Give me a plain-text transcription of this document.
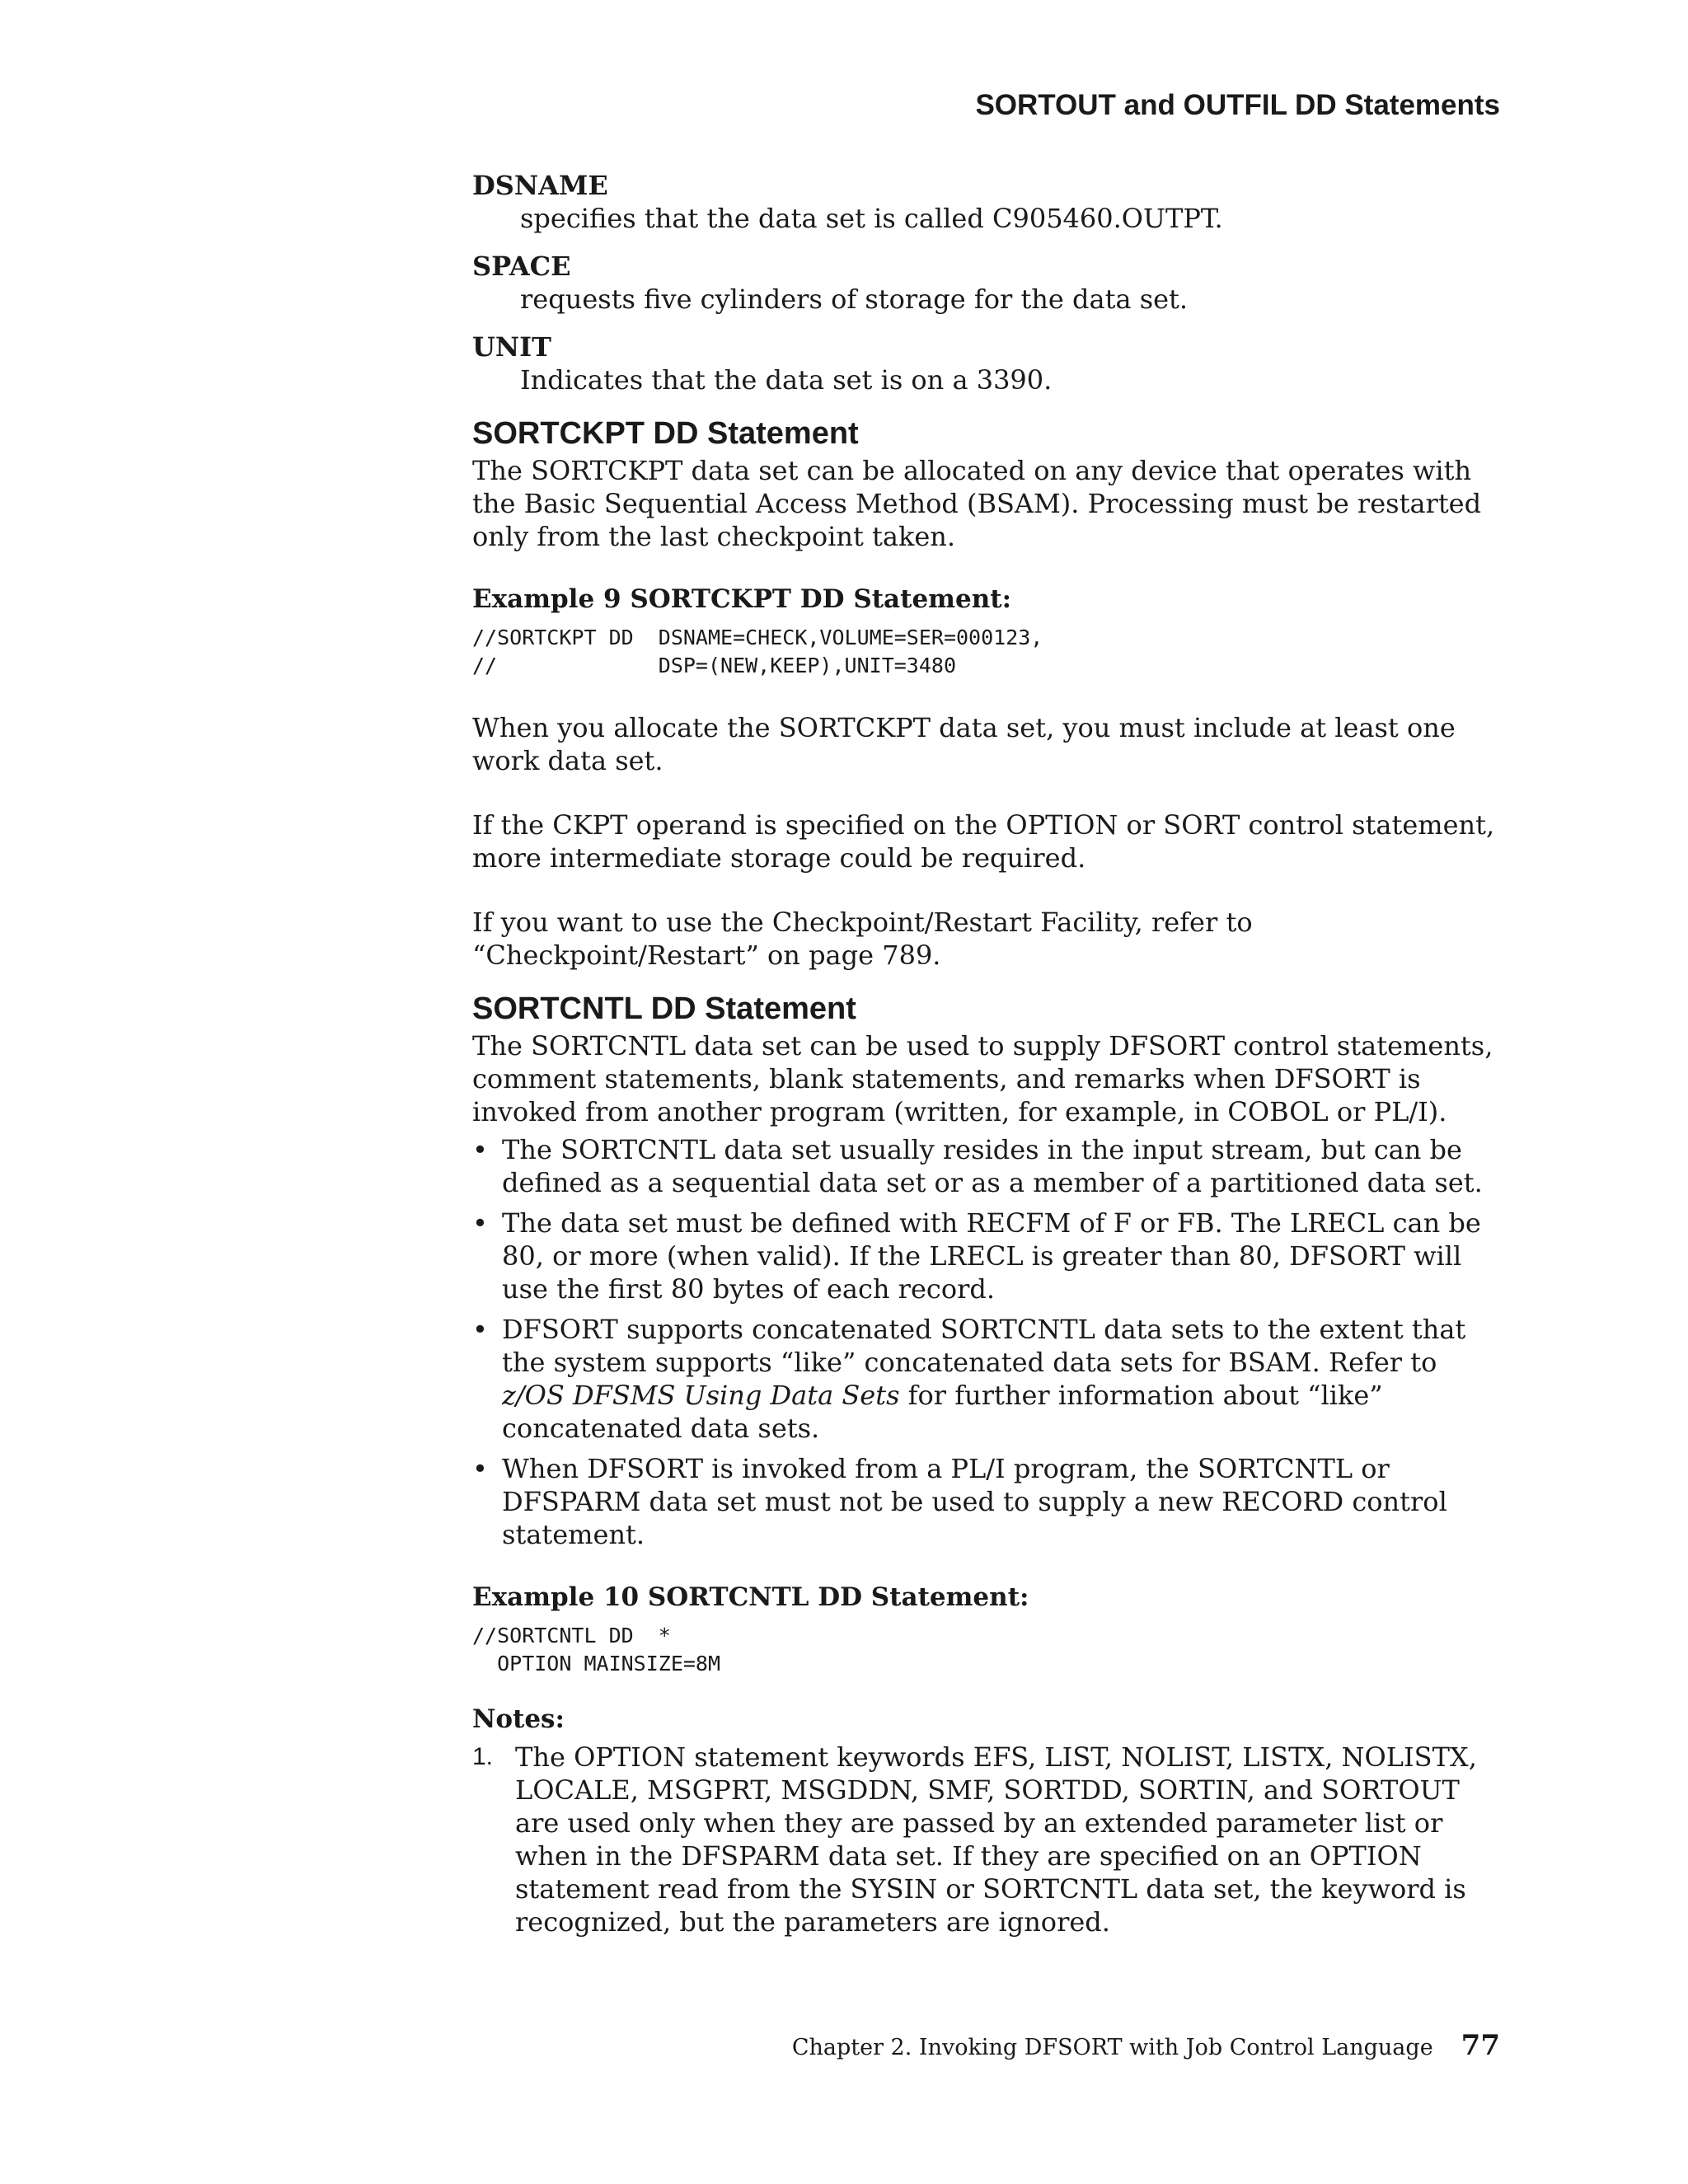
SORTOUT and OUTFIL DD Statements

DSNAME

specifies that the data set is called C905460.OUTPT.

SPACE

requests five cylinders of storage for the data set.

UNIT

Indicates that the data set is on a 3390.

SORTCKPT DD Statement

The SORTCKPT data set can be allocated on any device that operates with the Basic Sequential Access Method (BSAM). Processing must be restarted only from the last checkpoint taken.

Example 9 SORTCKPT DD Statement:

//SORTCKPT DD  DSNAME=CHECK,VOLUME=SER=000123,
//             DSP=(NEW,KEEP),UNIT=3480

When you allocate the SORTCKPT data set, you must include at least one work data set.

If the CKPT operand is specified on the OPTION or SORT control statement, more intermediate storage could be required.

If you want to use the Checkpoint/Restart Facility, refer to “Checkpoint/Restart” on page 789.

SORTCNTL DD Statement

The SORTCNTL data set can be used to supply DFSORT control statements, comment statements, blank statements, and remarks when DFSORT is invoked from another program (written, for example, in COBOL or PL/I).

• The SORTCNTL data set usually resides in the input stream, but can be defined as a sequential data set or as a member of a partitioned data set.
• The data set must be defined with RECFM of F or FB. The LRECL can be 80, or more (when valid). If the LRECL is greater than 80, DFSORT will use the first 80 bytes of each record.
• DFSORT supports concatenated SORTCNTL data sets to the extent that the system supports “like” concatenated data sets for BSAM. Refer to z/OS DFSMS Using Data Sets for further information about “like” concatenated data sets.
• When DFSORT is invoked from a PL/I program, the SORTCNTL or DFSPARM data set must not be used to supply a new RECORD control statement.

Example 10 SORTCNTL DD Statement:

//SORTCNTL DD  *
OPTION MAINSIZE=8M

Notes:

1. The OPTION statement keywords EFS, LIST, NOLIST, LISTX, NOLISTX, LOCALE, MSGPRT, MSGDDN, SMF, SORTDD, SORTIN, and SORTOUT are used only when they are passed by an extended parameter list or when in the DFSPARM data set. If they are specified on an OPTION statement read from the SYSIN or SORTCNTL data set, the keyword is recognized, but the parameters are ignored.
Chapter 2. Invoking DFSORT with Job Control Language 77
